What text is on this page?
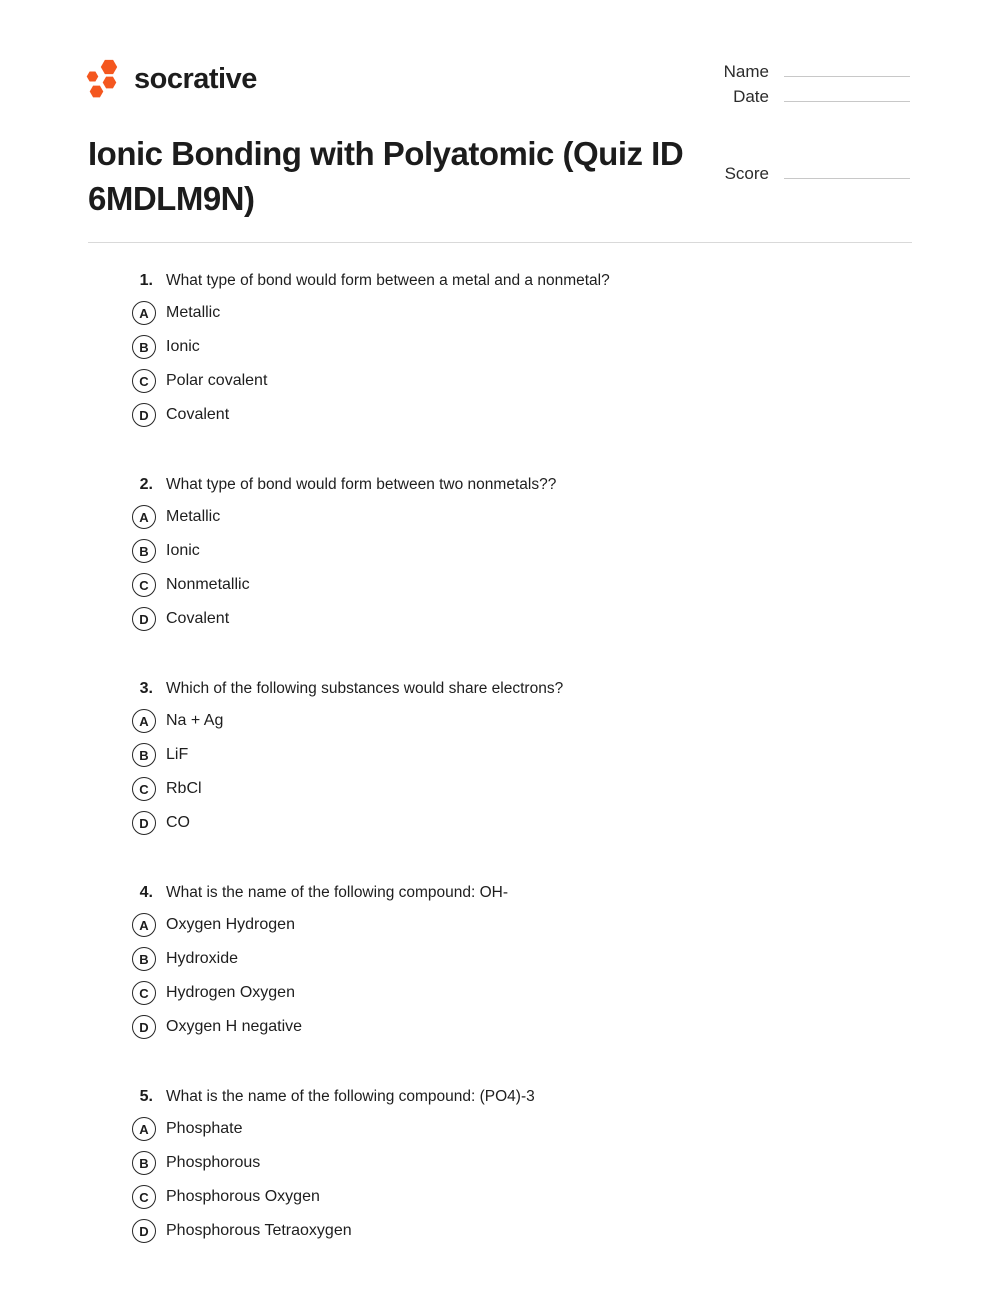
socrative	Name
Date
Ionic Bonding with Polyatomic (Quiz ID 6MDLM9N)
Score
1. What type of bond would form between a metal and a nonmetal?
A Metallic
B Ionic
C Polar covalent
D Covalent
2. What type of bond would form between two nonmetals??
A Metallic
B Ionic
C Nonmetallic
D Covalent
3. Which of the following substances would share electrons?
A Na + Ag
B LiF
C RbCl
D CO
4. What is the name of the following compound: OH-
A Oxygen Hydrogen
B Hydroxide
C Hydrogen Oxygen
D Oxygen H negative
5. What is the name of the following compound: (PO4)-3
A Phosphate
B Phosphorous
C Phosphorous Oxygen
D Phosphorous Tetraoxygen
